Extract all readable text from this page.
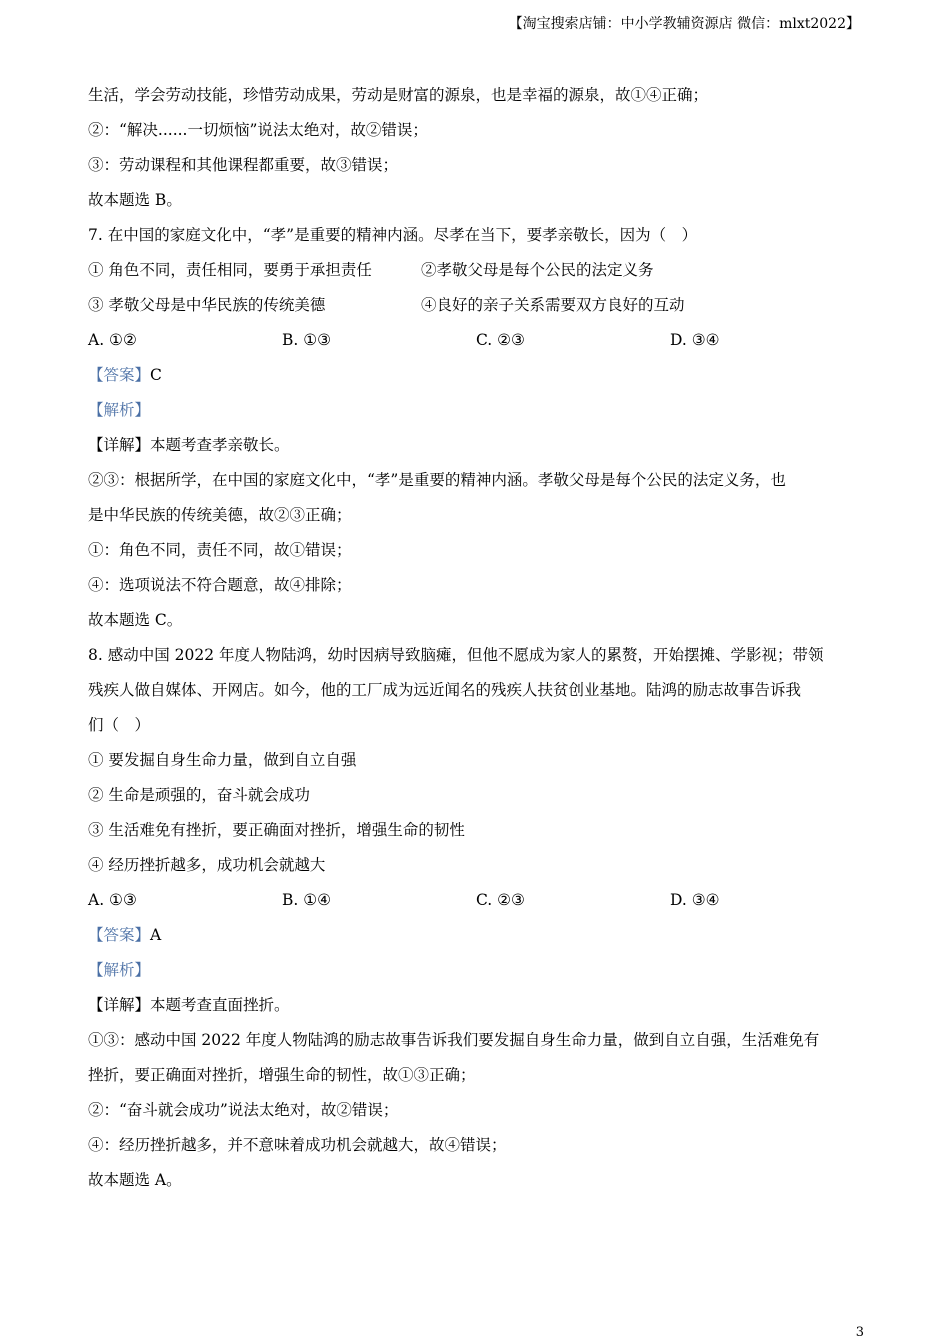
【淘宝搜索店铺：中小学教辅资源店 微信：mlxt2022】
生活，学会劳动技能，珍惜劳动成果，劳动是财富的源泉，也是幸福的源泉，故①④正确；
②：“解决......一切烦恼”说法太绝对，故②错误；
③：劳动课程和其他课程都重要，故③错误；
故本题选 B。
7. 在中国的家庭文化中，“孝”是重要的精神内涵。尽孝在当下，要孝亲敬长，因为（　）
① 角色不同，责任相同，要勇于承担责任	②孝敬父母是每个公民的法定义务
③ 孝敬父母是中华民族的传统美德	④良好的亲子关系需要双方良好的互动
A. ①②	B. ①③	C. ②③	D. ③④
【答案】C
【解析】
【详解】本题考查孝亲敬长。
②③：根据所学，在中国的家庭文化中，“孝”是重要的精神内涵。孝敬父母是每个公民的法定义务，也
是中华民族的传统美德，故②③正确；
①：角色不同，责任不同，故①错误；
④：选项说法不符合题意，故④排除；
故本题选 C。
8. 感动中国 2022 年度人物陆鸿，幼时因病导致脑瘫，但他不愿成为家人的累赘，开始摆摊、学影视；带领
残疾人做自媒体、开网店。如今，他的工厂成为远近闻名的残疾人扶贫创业基地。陆鸿的励志故事告诉我
们（　）
① 要发掘自身生命力量，做到自立自强
② 生命是顽强的，奋斗就会成功
③ 生活难免有挫折，要正确面对挫折，增强生命的韧性
④ 经历挫折越多，成功机会就越大
A. ①③	B. ①④	C. ②③	D. ③④
【答案】A
【解析】
【详解】本题考查直面挫折。
①③：感动中国 2022 年度人物陆鸿的励志故事告诉我们要发掘自身生命力量，做到自立自强，生活难免有
挫折，要正确面对挫折，增强生命的韧性，故①③正确；
②：“奋斗就会成功”说法太绝对，故②错误；
④：经历挫折越多，并不意味着成功机会就越大，故④错误；
故本题选 A。
3
